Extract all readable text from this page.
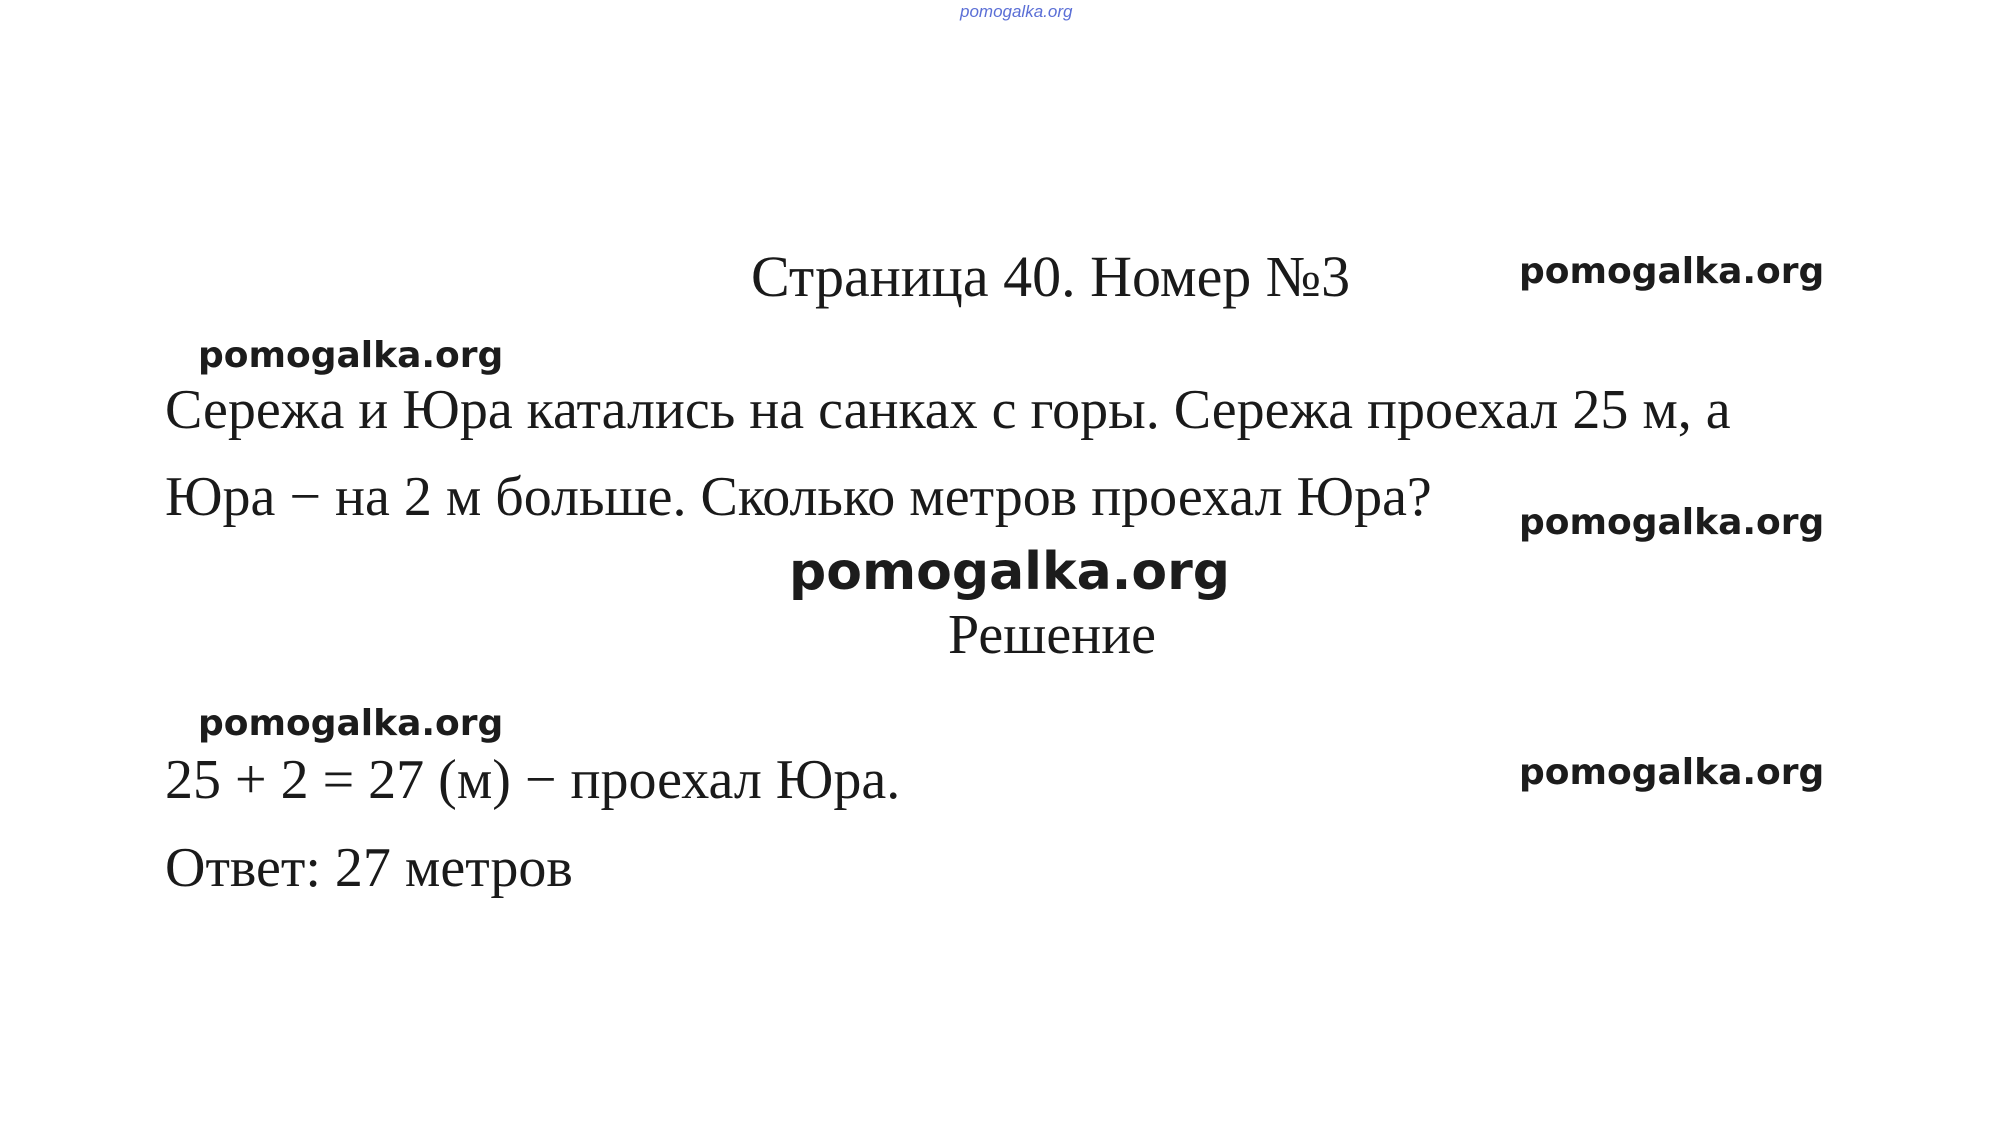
pomogalka.org
Страница 40. Номер №3	pomogalka.org
pomogalka.org
Сережа и Юра катались на санках с горы. Сережа проехал 25 м, а
Юра − на 2 м больше. Сколько метров проехал Юра? pomogalka.org
pomogalka.org
Решение
pomogalka.org
pomogalka.org
25 + 2 = 27 (м) − проехал Юра.
Ответ: 27 метров
